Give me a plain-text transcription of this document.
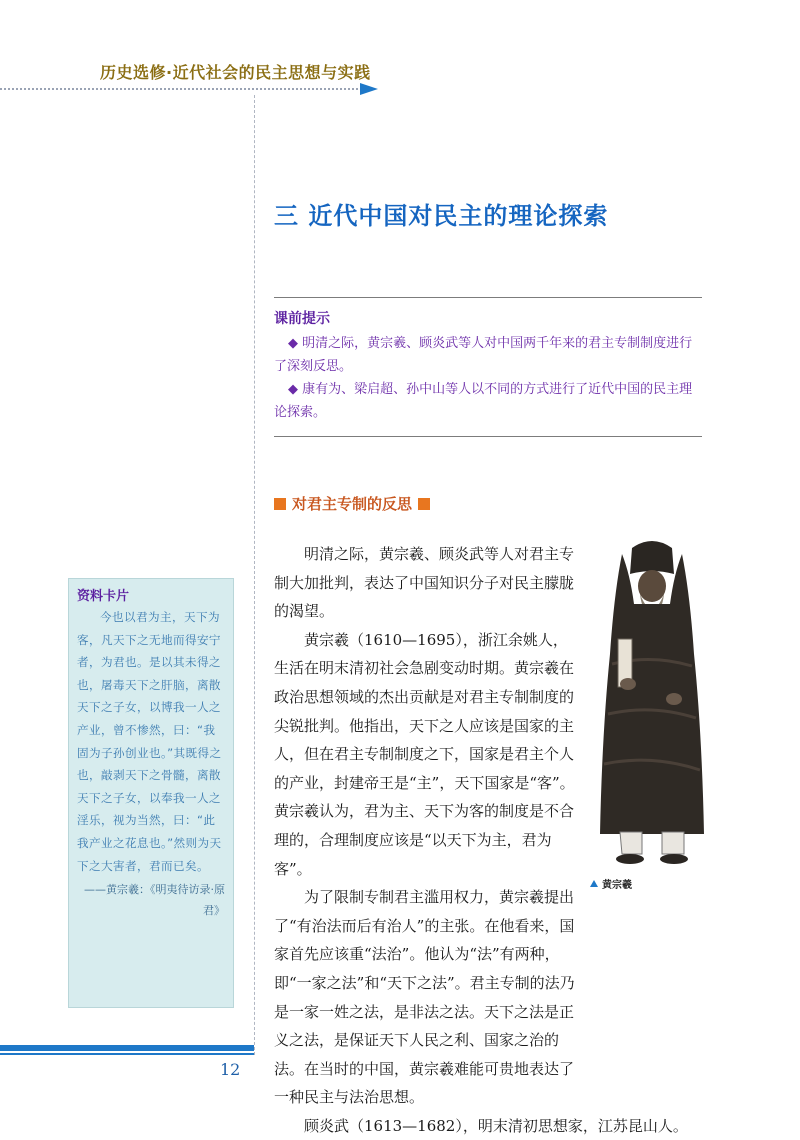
历史选修·近代社会的民主思想与实践
三 近代中国对民主的理论探索
课前提示

◆ 明清之际，黄宗羲、顾炎武等人对中国两千年来的君主专制制度进行了深刻反思。

◆ 康有为、梁启超、孙中山等人以不同的方式进行了近代中国的民主理论探索。

对君主专制的反思

明清之际，黄宗羲、顾炎武等人对君主专制大加批判，表达了中国知识分子对民主朦胧的渴望。

黄宗羲（1610—1695），浙江余姚人，生活在明末清初社会急剧变动时期。黄宗羲在政治思想领域的杰出贡献是对君主专制制度的尖锐批判。他指出，天下之人应该是国家的主人，但在君主专制制度之下，国家是君主个人的产业，封建帝王是“主”，天下国家是“客”。黄宗羲认为，君为主、天下为客的制度是不合理的，合理制度应该是“以天下为主，君为客”。

为了限制专制君主滥用权力，黄宗羲提出了“有治法而后有治人”的主张。在他看来，国家首先应该重“法治”。他认为“法”有两种，即“一家之法”和“天下之法”。君主专制的法乃是一家一姓之法，是非法之法。天下之法是正义之法，是保证天下人民之利、国家之治的法。在当时的中国，黄宗羲难能可贵地表达了一种民主与法治思想。

顾炎武（1613—1682），明末清初思想家，江苏昆山人。

黄宗羲
资料卡片

今也以君为主，天下为客，凡天下之无地而得安宁者，为君也。是以其未得之也，屠毒天下之肝脑，离散天下之子女，以博我一人之产业，曾不惨然，曰：“我固为子孙创业也。”其既得之也，敲剥天下之骨髓，离散天下之子女，以奉我一人之淫乐，视为当然，曰：“此我产业之花息也。”然则为天下之大害者，君而已矣。

——黄宗羲：《明夷待访录·原君》

12
